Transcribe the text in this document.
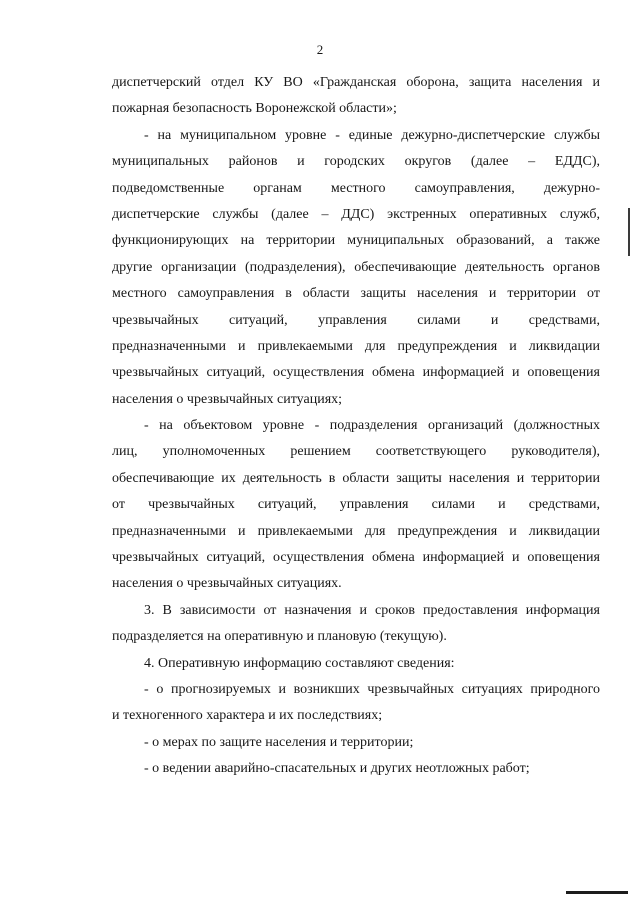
2
диспетчерский отдел КУ ВО «Гражданская оборона, защита населения и
пожарная безопасность Воронежской области»;
- на муниципальном уровне - единые дежурно-диспетчерские службы
муниципальных районов и городских округов (далее – ЕДДС),
подведомственные органам местного самоуправления, дежурно-
диспетчерские службы (далее – ДДС) экстренных оперативных служб,
функционирующих на территории муниципальных образований, а также
другие организации (подразделения), обеспечивающие деятельность органов
местного самоуправления в области защиты населения и территории от
чрезвычайных ситуаций, управления силами и средствами,
предназначенными и привлекаемыми для предупреждения и ликвидации
чрезвычайных ситуаций, осуществления обмена информацией и оповещения
населения о чрезвычайных ситуациях;
- на объектовом уровне - подразделения организаций (должностных
лиц, уполномоченных решением соответствующего руководителя),
обеспечивающие их деятельность в области защиты населения и территории
от чрезвычайных ситуаций, управления силами и средствами,
предназначенными и привлекаемыми для предупреждения и ликвидации
чрезвычайных ситуаций, осуществления обмена информацией и оповещения
населения о чрезвычайных ситуациях.
3. В зависимости от назначения и сроков предоставления информация
подразделяется на оперативную и плановую (текущую).
4. Оперативную информацию составляют сведения:
- о прогнозируемых и возникших чрезвычайных ситуациях природного
и техногенного характера и их последствиях;
- о мерах по защите населения и территории;
- о ведении аварийно-спасательных и других неотложных работ;
